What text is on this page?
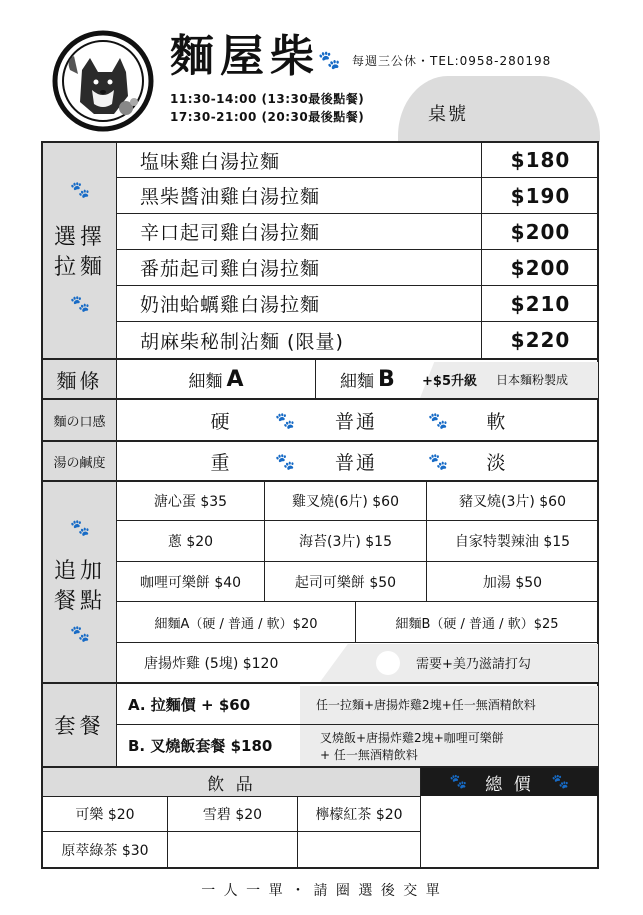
麵屋柴
🐾 每週三公休・TEL:0958-280198
11:30-14:00 (13:30最後點餐)
17:30-21:00 (20:30最後點餐)	桌號
🐾
選擇
拉麵
🐾
塩味雞白湯拉麵	$180
黑柴醬油雞白湯拉麵	$190
辛口起司雞白湯拉麵	$200
番茄起司雞白湯拉麵	$200
奶油蛤蠣雞白湯拉麵	$210
胡麻柴秘制沾麵 (限量)	$220
麵條	細麵 A	細麵 B +$5升級 日本麵粉製成
麵の口感	硬	🐾	普通	🐾	軟
湯の鹹度	重	🐾	普通	🐾	淡
🐾
追加
餐點
🐾
溏心蛋 $35	雞叉燒(6片) $60	豬叉燒(3片) $60
蔥 $20	海苔(3片) $15	自家特製辣油 $15
咖哩可樂餅 $40	起司可樂餅 $50	加湯 $50
細麵A（硬 / 普通 / 軟）$20	細麵B（硬 / 普通 / 軟）$25
唐揚炸雞 (5塊) $120	需要+美乃滋請打勾
套餐
A. 拉麵價 + $60	任一拉麵+唐揚炸雞2塊+任一無酒精飲料
B. 叉燒飯套餐 $180	叉燒飯+唐揚炸雞2塊+咖哩可樂餅
+ 任一無酒精飲料
飲 品	🐾 總 價 🐾
可樂 $20	雪碧 $20	檸檬紅茶 $20
原萃綠茶 $30
一 人 一 單 ・ 請 圈 選 後 交 單
